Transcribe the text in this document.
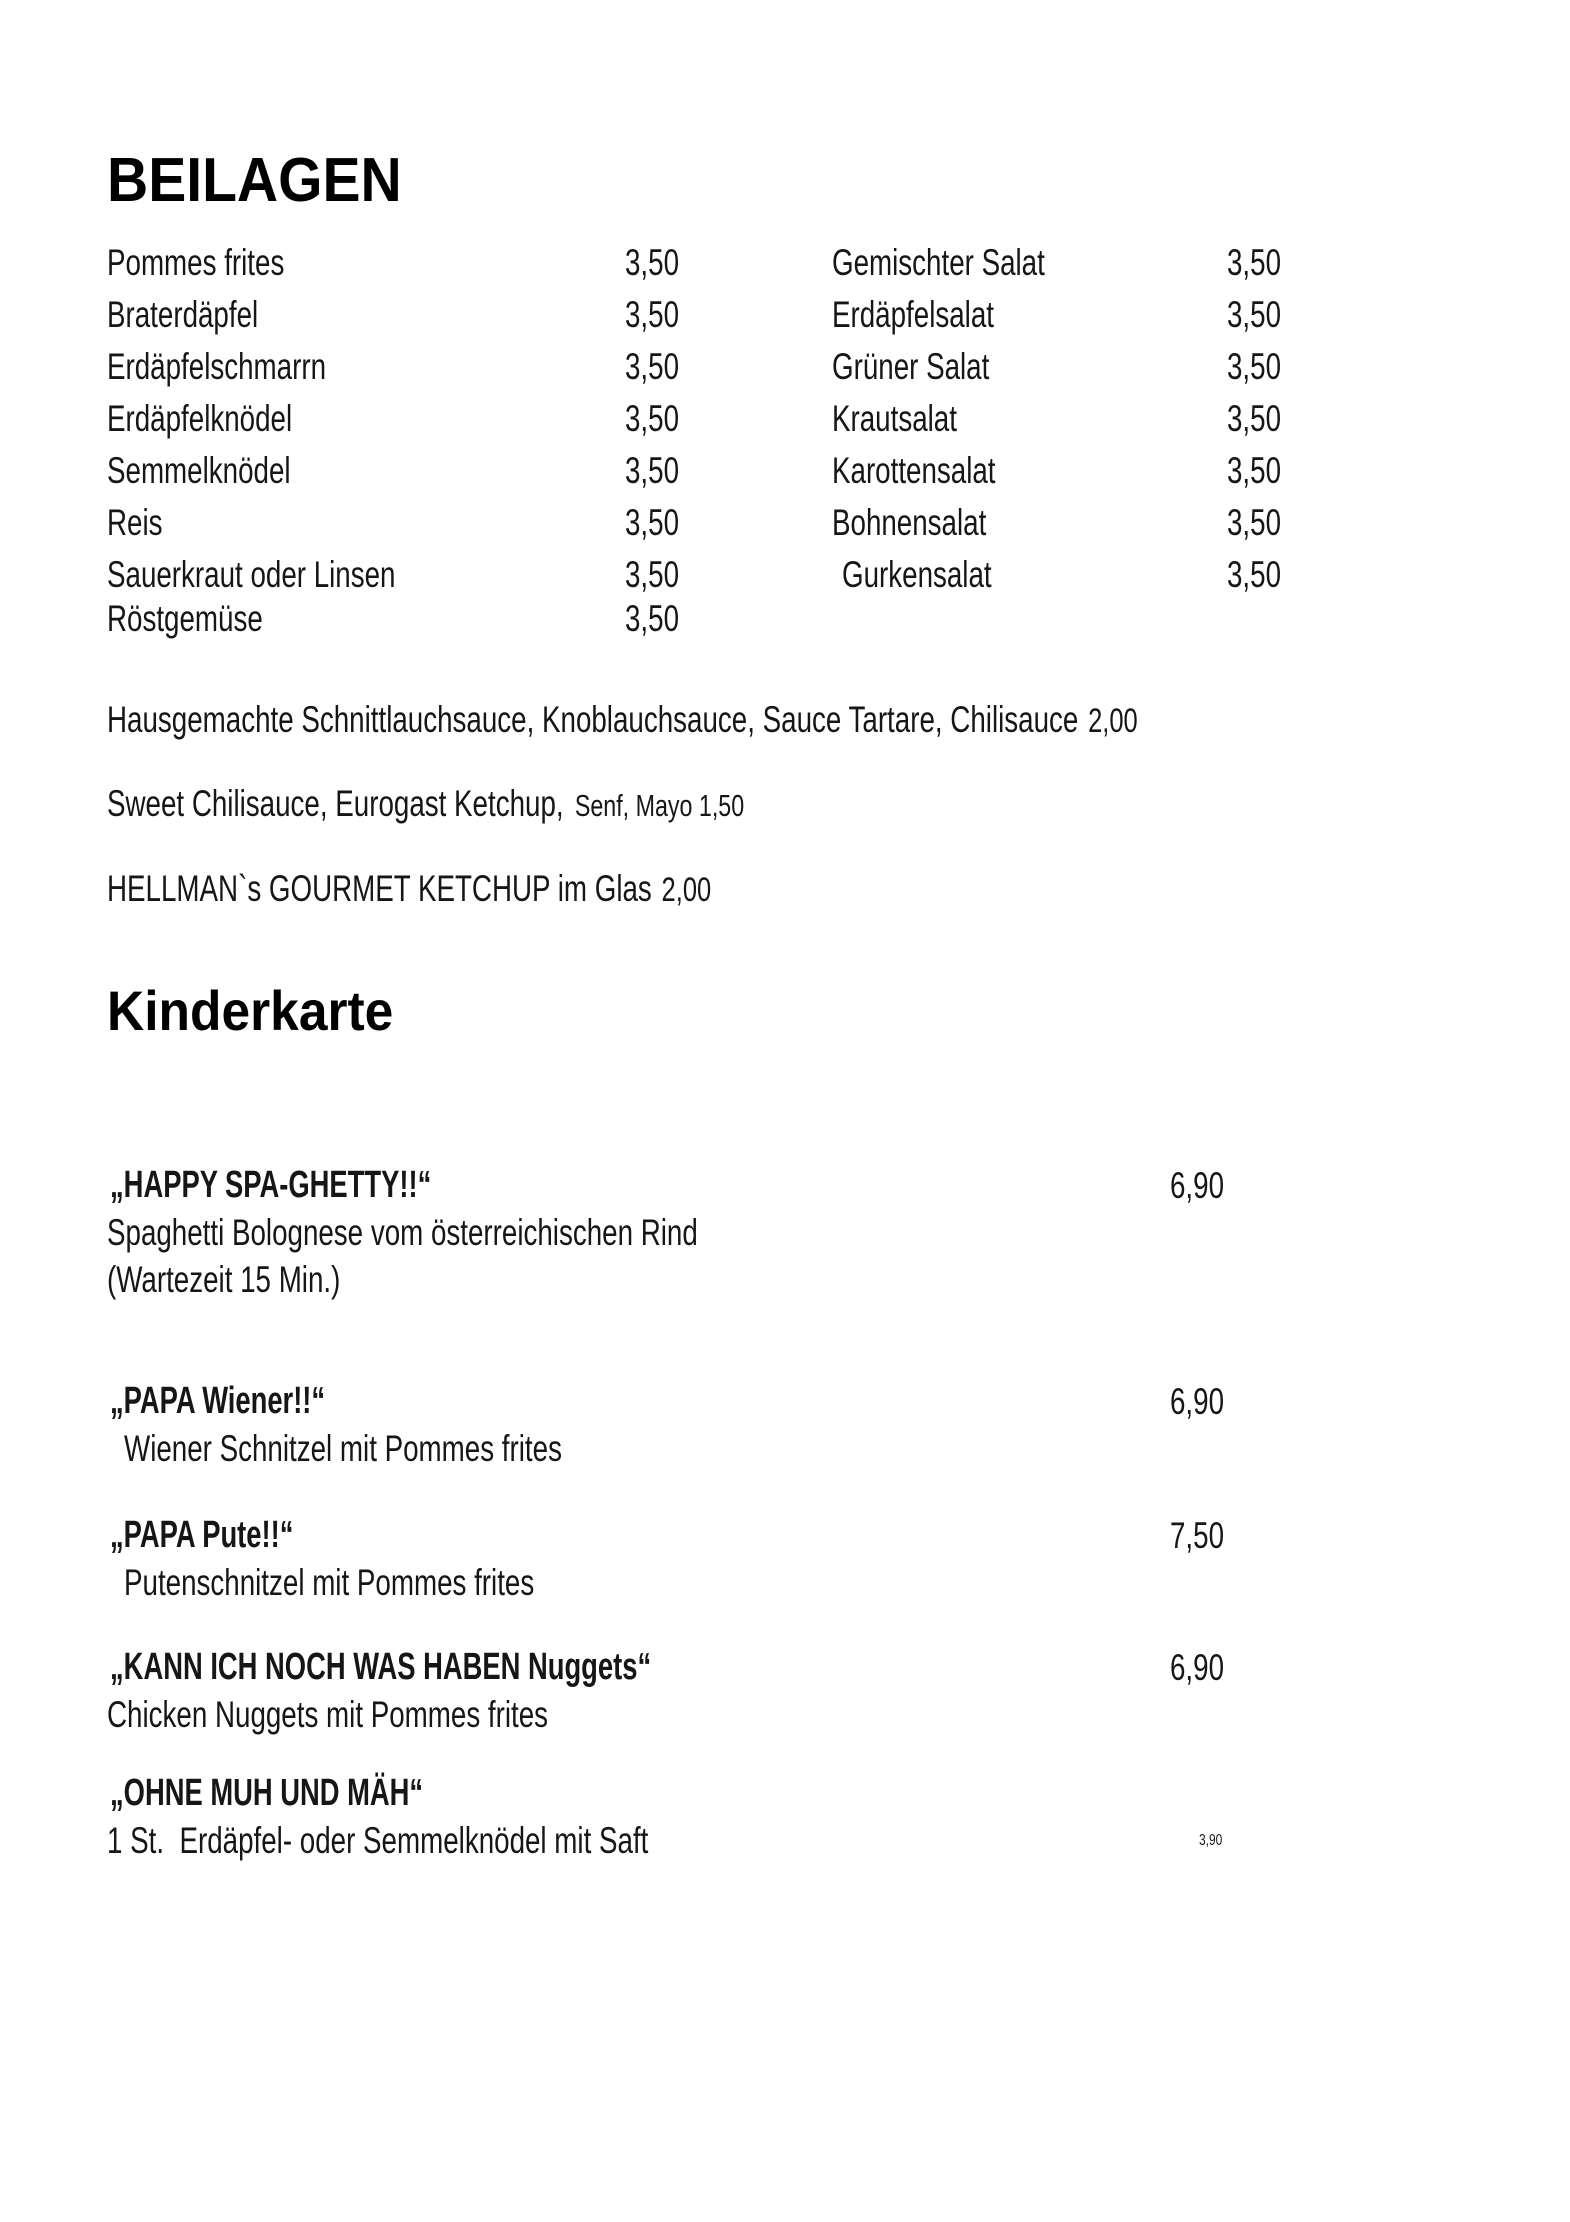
BEILAGEN
Pommes frites	3,50
Braterdäpfel	3,50
Erdäpfelschmarrn	3,50
Erdäpfelknödel	3,50
Semmelknödel	3,50
Reis	3,50
Sauerkraut oder Linsen	3,50
Röstgemüse	3,50
Gemischter Salat	3,50
Erdäpfelsalat	3,50
Grüner Salat	3,50
Krautsalat	3,50
Karottensalat	3,50
Bohnensalat	3,50
Gurkensalat	3,50

Hausgemachte Schnittlauchsauce, Knoblauchsauce, Sauce Tartare, Chilisauce 2,00

Sweet Chilisauce, Eurogast Ketchup, Senf, Mayo 1,50

HELLMAN`s GOURMET KETCHUP im Glas 2,00

Kinderkarte
„HAPPY SPA-GHETTY!!“	6,90
Spaghetti Bolognese vom österreichischen Rind
(Wartezeit 15 Min.)
„PAPA Wiener!!“	6,90
Wiener Schnitzel mit Pommes frites
„PAPA Pute!!“	7,50
Putenschnitzel mit Pommes frites
„KANN ICH NOCH WAS HABEN Nuggets“	6,90
Chicken Nuggets mit Pommes frites
„OHNE MUH UND MÄH“
1 St.  Erdäpfel- oder Semmelknödel mit Saft	3,90
